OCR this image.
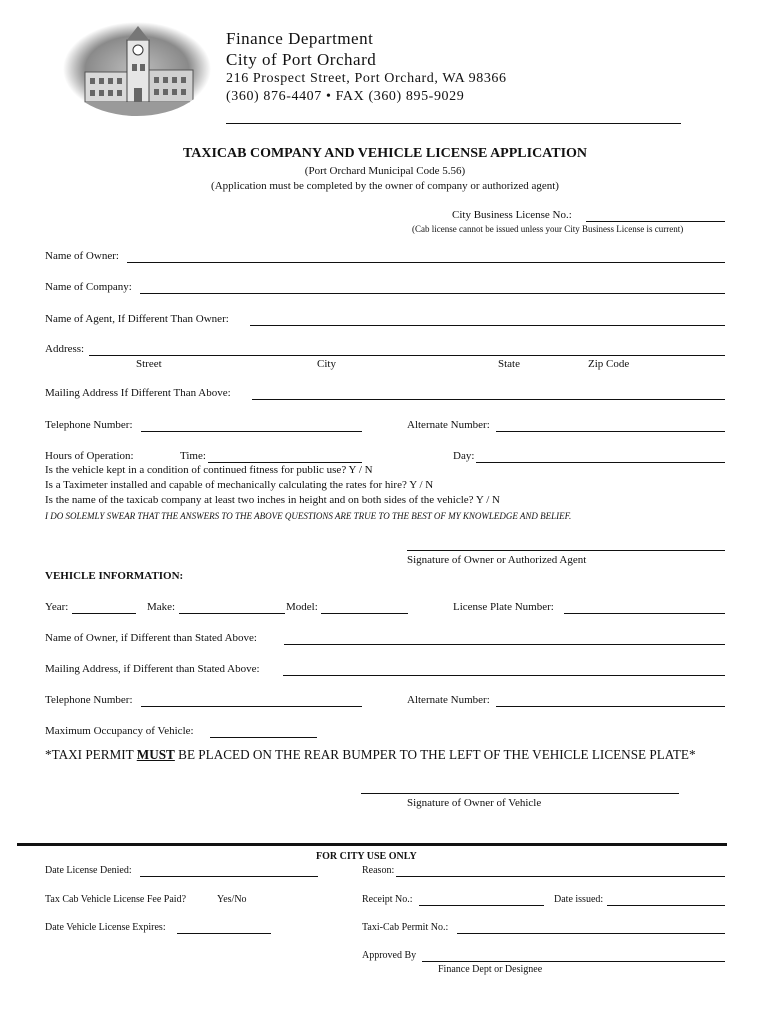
Finance Department
City of Port Orchard
216 Prospect Street, Port Orchard, WA 98366
(360) 876-4407 • FAX (360) 895-9029
TAXICAB COMPANY AND VEHICLE LICENSE APPLICATION
(Port Orchard Municipal Code 5.56)
(Application must be completed by the owner of company or authorized agent)
City Business License No.:
(Cab license cannot be issued unless your City Business License is current)
Name of Owner:
Name of Company:
Name of Agent, If Different Than Owner:
Address:
Street	City	State	Zip Code
Mailing Address If Different Than Above:
Telephone Number:	Alternate Number:
Hours of Operation:	Time:	Day:
Is the vehicle kept in a condition of continued fitness for public use? Y / N
Is a Taximeter installed and capable of mechanically calculating the rates for hire? Y / N
Is the name of the taxicab company at least two inches in height and on both sides of the vehicle? Y / N
I DO SOLEMLY SWEAR THAT THE ANSWERS TO THE ABOVE QUESTIONS ARE TRUE TO THE BEST OF MY KNOWLEDGE AND BELIEF.
Signature of Owner or Authorized Agent
VEHICLE INFORMATION:
Year:	Make:	Model:	License Plate Number:
Name of Owner, if Different than Stated Above:
Mailing Address, if Different than Stated Above:
Telephone Number:	Alternate Number:
Maximum Occupancy of Vehicle:
*TAXI PERMIT MUST BE PLACED ON THE REAR BUMPER TO THE LEFT OF THE VEHICLE LICENSE PLATE*
Signature of Owner of Vehicle
FOR CITY USE ONLY
Date License Denied:	Reason:
Tax Cab Vehicle License Fee Paid?	Yes/No	Receipt No.:	Date issued:
Date Vehicle License Expires:	Taxi-Cab Permit No.:
Approved By
Finance Dept or Designee
